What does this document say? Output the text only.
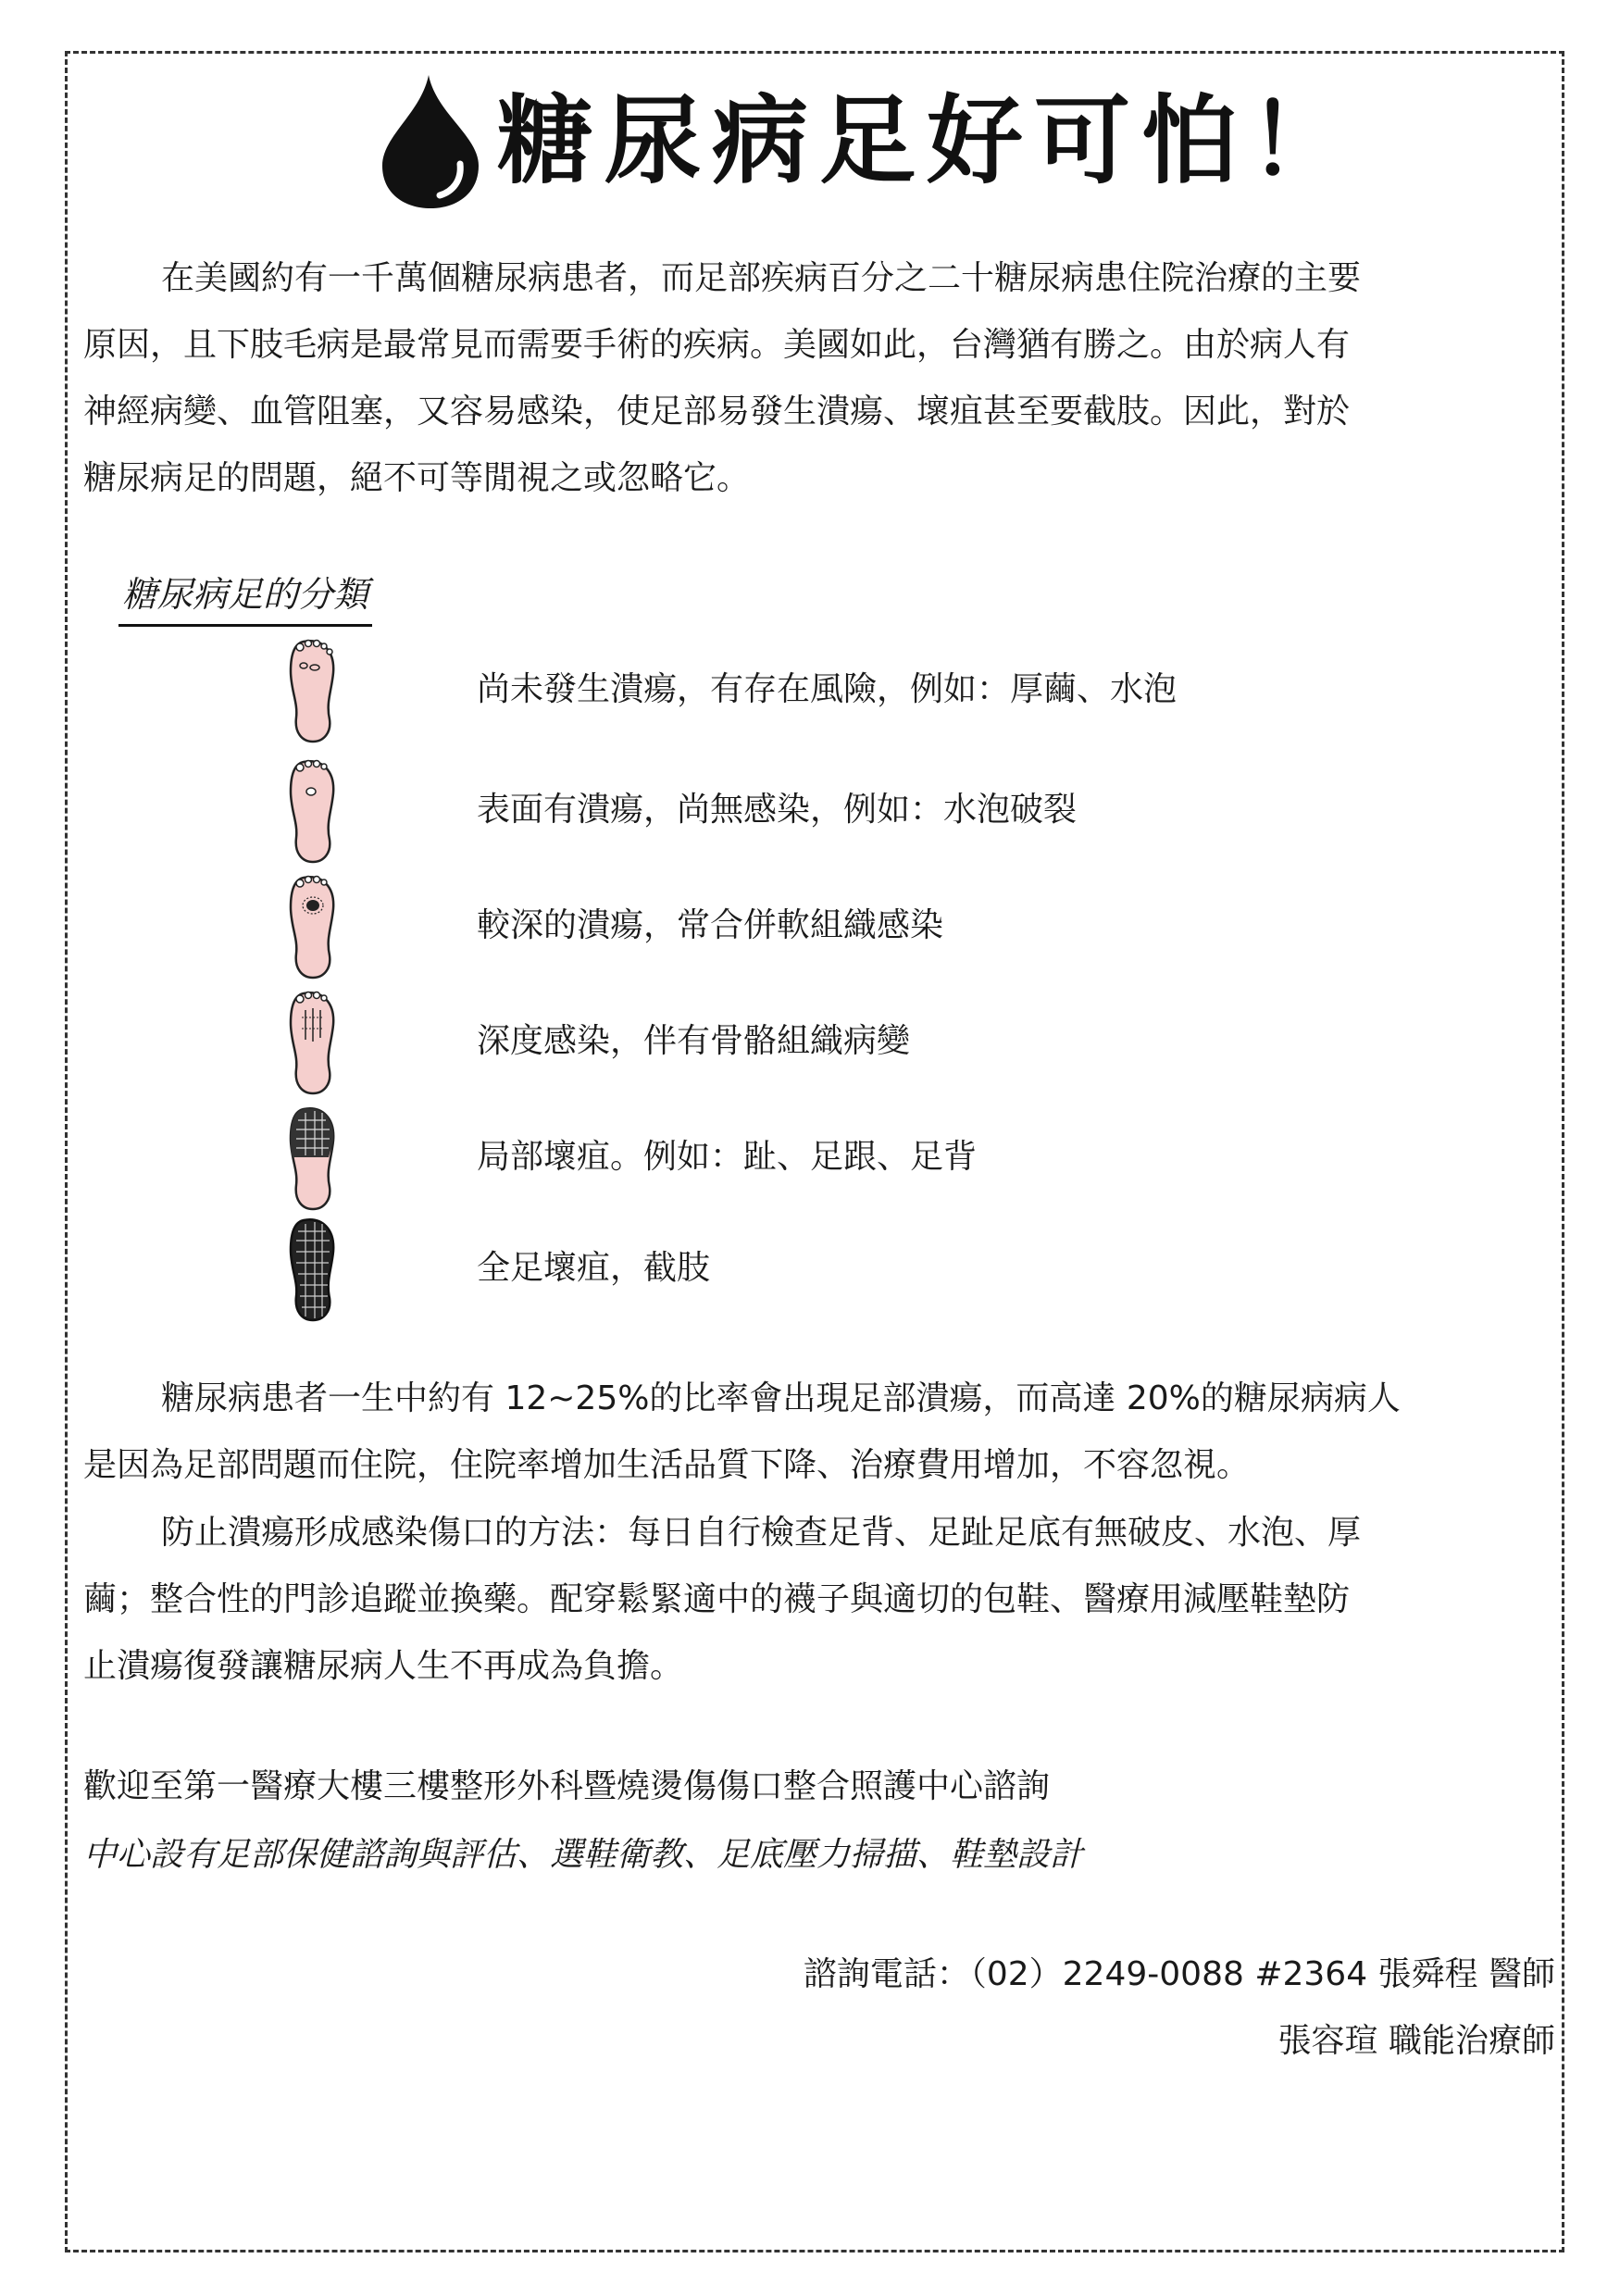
糖尿病足好可怕！
在美國約有一千萬個糖尿病患者，而足部疾病百分之二十糖尿病患住院治療的主要
原因，且下肢毛病是最常見而需要手術的疾病。美國如此，台灣猶有勝之。由於病人有
神經病變、血管阻塞，又容易感染，使足部易發生潰瘍、壞疽甚至要截肢。因此，對於
糖尿病足的問題，絕不可等閒視之或忽略它。
糖尿病足的分類
尚未發生潰瘍，有存在風險，例如：厚繭、水泡
表面有潰瘍，尚無感染，例如：水泡破裂
較深的潰瘍，常合併軟組織感染
深度感染，伴有骨骼組織病變
局部壞疽。例如：趾、足跟、足背
全足壞疽，截肢
糖尿病患者一生中約有 12~25%的比率會出現足部潰瘍，而高達 20%的糖尿病病人
是因為足部問題而住院，住院率增加生活品質下降、治療費用增加，不容忽視。
防止潰瘍形成感染傷口的方法：每日自行檢查足背、足趾足底有無破皮、水泡、厚
繭；整合性的門診追蹤並換藥。配穿鬆緊適中的襪子與適切的包鞋、醫療用減壓鞋墊防
止潰瘍復發讓糖尿病人生不再成為負擔。
歡迎至第一醫療大樓三樓整形外科暨燒燙傷傷口整合照護中心諮詢
中心設有足部保健諮詢與評估、選鞋衛教、足底壓力掃描、鞋墊設計
諮詢電話：（02）2249-0088 #2364 張舜程 醫師
張容瑄 職能治療師
